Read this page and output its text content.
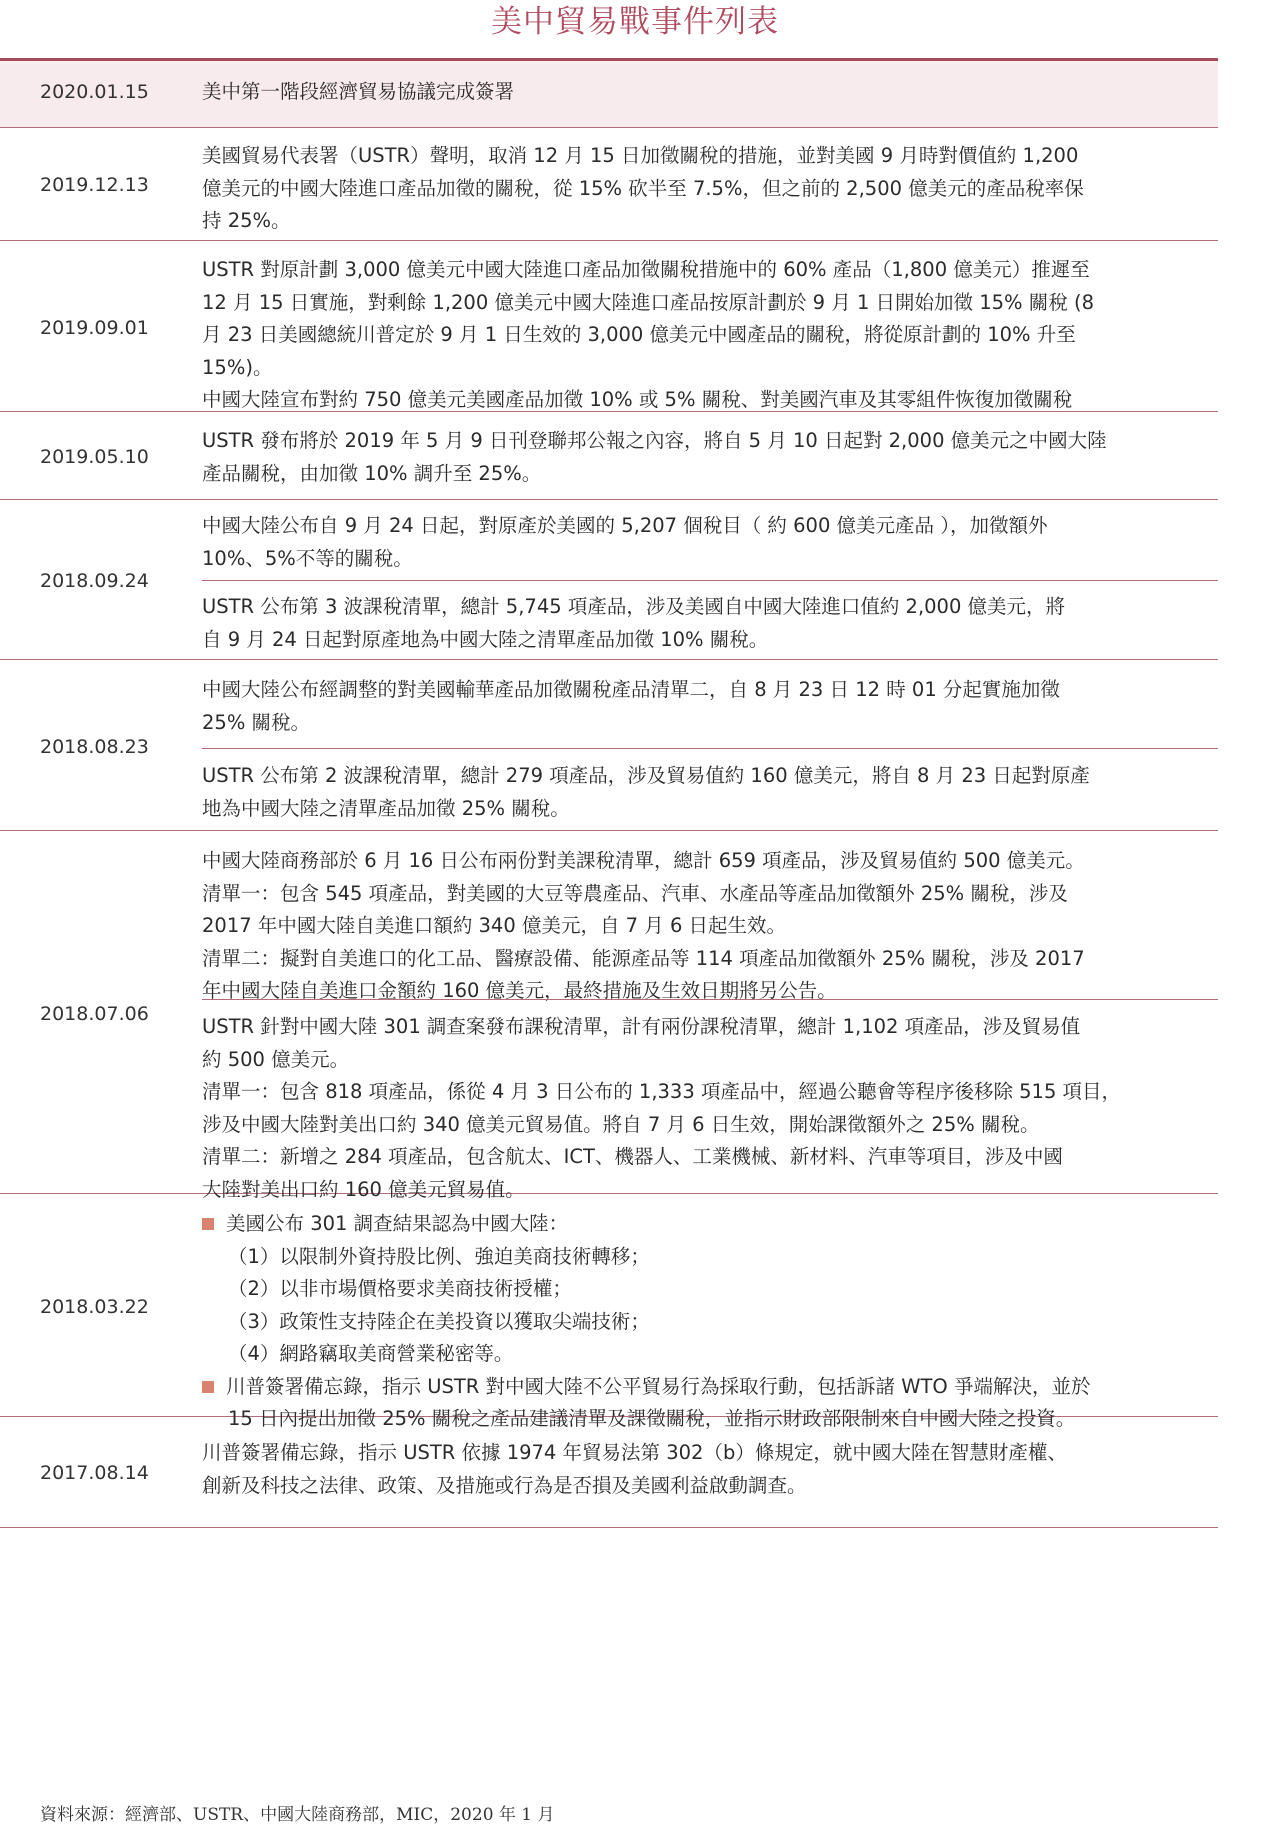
美中貿易戰事件列表
2020.01.15	美中第一階段經濟貿易協議完成簽署

2019.12.13

美國貿易代表署（USTR）聲明，取消 12 月 15 日加徵關稅的措施，並對美國 9 月時對價值約 1,200

億美元的中國大陸進口產品加徵的關稅，從 15% 砍半至 7.5%，但之前的 2,500 億美元的產品稅率保

持 25%。

2019.09.01

USTR 對原計劃 3,000 億美元中國大陸進口產品加徵關稅措施中的 60% 產品（1,800 億美元）推遲至

12 月 15 日實施，對剩餘 1,200 億美元中國大陸進口產品按原計劃於 9 月 1 日開始加徵 15% 關稅 (8

月 23 日美國總統川普定於 9 月 1 日生效的 3,000 億美元中國產品的關稅，將從原計劃的 10% 升至

15%)。

中國大陸宣布對約 750 億美元美國產品加徵 10% 或 5% 關稅、對美國汽車及其零組件恢復加徵關稅

2019.05.10

USTR 發布將於 2019 年 5 月 9 日刊登聯邦公報之內容，將自 5 月 10 日起對 2,000 億美元之中國大陸

產品關稅，由加徵 10% 調升至 25%。

2018.09.24

中國大陸公布自 9 月 24 日起，對原產於美國的 5,207 個稅目（ 約 600 億美元產品 ），加徵額外

10%、5%不等的關稅。

USTR 公布第 3 波課稅清單，總計 5,745 項產品，涉及美國自中國大陸進口值約 2,000 億美元，將

自 9 月 24 日起對原產地為中國大陸之清單產品加徵 10% 關稅。

2018.08.23

中國大陸公布經調整的對美國輸華產品加徵關稅產品清單二，自 8 月 23 日 12 時 01 分起實施加徵

25% 關稅。

USTR 公布第 2 波課稅清單，總計 279 項產品，涉及貿易值約 160 億美元，將自 8 月 23 日起對原產

地為中國大陸之清單產品加徵 25% 關稅。

2018.07.06

中國大陸商務部於 6 月 16 日公布兩份對美課稅清單，總計 659 項產品，涉及貿易值約 500 億美元。

清單一：包含 545 項產品，對美國的大豆等農產品、汽車、水產品等產品加徵額外 25% 關稅，涉及

2017 年中國大陸自美進口額約 340 億美元，自 7 月 6 日起生效。

清單二：擬對自美進口的化工品、醫療設備、能源產品等 114 項產品加徵額外 25% 關稅，涉及 2017

年中國大陸自美進口金額約 160 億美元，最終措施及生效日期將另公告。

USTR 針對中國大陸 301 調查案發布課稅清單，計有兩份課稅清單，總計 1,102 項產品，涉及貿易值

約 500 億美元。

清單一：包含 818 項產品，係從 4 月 3 日公布的 1,333 項產品中，經過公聽會等程序後移除 515 項目，

涉及中國大陸對美出口約 340 億美元貿易值。將自 7 月 6 日生效，開始課徵額外之 25% 關稅。

清單二：新增之 284 項產品，包含航太、ICT、機器人、工業機械、新材料、汽車等項目，涉及中國

大陸對美出口約 160 億美元貿易值。

2018.03.22
美國公布 301 調查結果認為中國大陸：

（1）以限制外資持股比例、強迫美商技術轉移；

（2）以非市場價格要求美商技術授權；

（3）政策性支持陸企在美投資以獲取尖端技術；

（4）網路竊取美商營業秘密等。

川普簽署備忘錄，指示 USTR 對中國大陸不公平貿易行為採取行動，包括訴諸 WTO 爭端解決，並於

15 日內提出加徵 25% 關稅之產品建議清單及課徵關稅，並指示財政部限制來自中國大陸之投資。

2017.08.14

川普簽署備忘錄，指示 USTR 依據 1974 年貿易法第 302（b）條規定，就中國大陸在智慧財產權、

創新及科技之法律、政策、及措施或行為是否損及美國利益啟動調查。

資料來源：經濟部、USTR、中國大陸商務部，MIC，2020 年 1 月
